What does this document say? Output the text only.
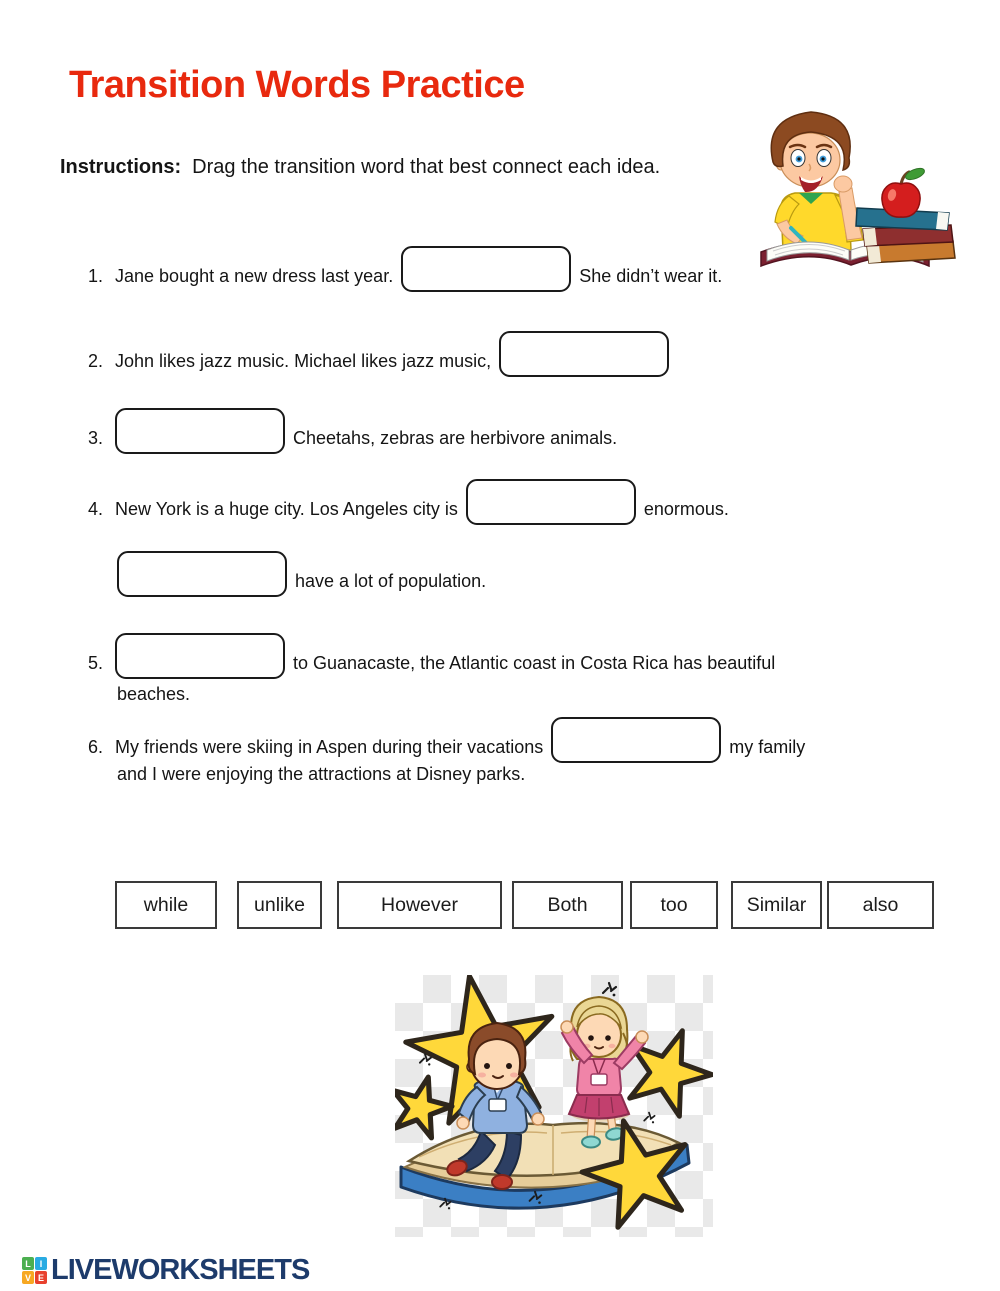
Transition Words Practice
Instructions: Drag the transition word that best connect each idea.
1. Jane bought a new dress last year.	She didn’t wear it.
2. John likes jazz music. Michael likes jazz music,
3.	Cheetahs, zebras are herbivore animals.
4. New York is a huge city. Los Angeles city is	enormous.
have a lot of population.
5.	to Guanacaste, the Atlantic coast in Costa Rica has beautiful
beaches.
6. My friends were skiing in Aspen during their vacations	my family
and I were enjoying the attractions at Disney parks.
while	unlike	However	Both	too	Similar	also
L I
V E LIVEWORKSHEETS
